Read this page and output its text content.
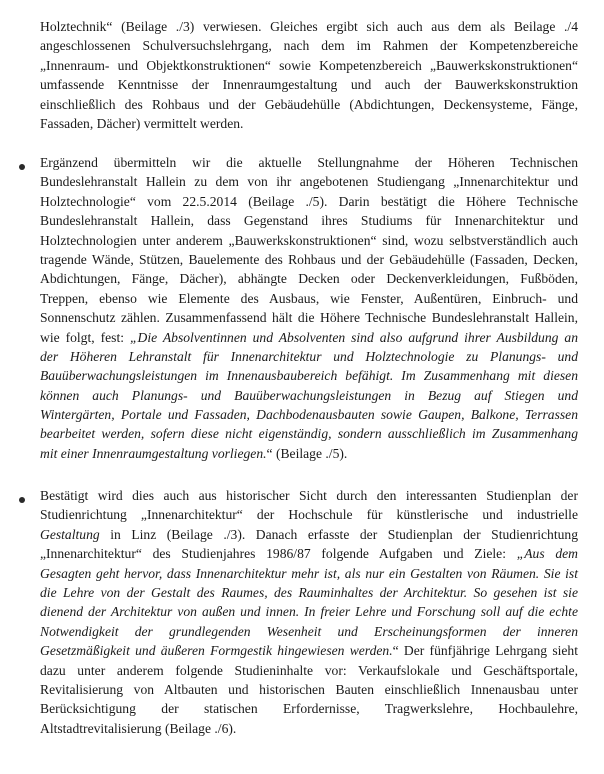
Holztechnik“ (Beilage ./3) verwiesen. Gleiches ergibt sich auch aus dem als Beilage ./4
angeschlossenen Schulversuchslehrgang, nach dem im Rahmen der Kompetenzbereiche
„Innenraum- und Objektkonstruktionen“ sowie Kompetenzbereich „Bauwerkskonstruktionen“
umfassende Kenntnisse der Innenraumgestaltung und auch der Bauwerkskonstruktion
einschließlich des Rohbaus und der Gebäudehülle (Abdichtungen, Deckensysteme, Fänge,
Fassaden, Dächer) vermittelt werden.
Ergänzend übermitteln wir die aktuelle Stellungnahme der Höheren Technischen
Bundeslehranstalt Hallein zu dem von ihr angebotenen Studiengang „Innenarchitektur und
Holztechnologie“ vom 22.5.2014 (Beilage ./5). Darin bestätigt die Höhere Technische
Bundeslehranstalt Hallein, dass Gegenstand ihres Studiums für Innenarchitektur und
Holztechnologien unter anderem „Bauwerkskonstruktionen“ sind, wozu selbstverständlich auch
tragende Wände, Stützen, Bauelemente des Rohbaus und der Gebäudehülle (Fassaden, Decken,
Abdichtungen, Fänge, Dächer), abhängte Decken oder Deckenverkleidungen, Fußböden,
Treppen, ebenso wie Elemente des Ausbaus, wie Fenster, Außentüren, Einbruch- und
Sonnenschutz zählen. Zusammenfassend hält die Höhere Technische Bundeslehranstalt Hallein,
wie folgt, fest: „Die Absolventinnen und Absolventen sind also aufgrund ihrer Ausbildung an
der Höheren Lehranstalt für Innenarchitektur und Holztechnologie zu Planungs- und
Bauüberwachungsleistungen im Innenausbaubereich befähigt. Im Zusammenhang mit diesen
können auch Planungs- und Bauüberwachungsleistungen in Bezug auf Stiegen und
Wintergärten, Portale und Fassaden, Dachbodenausbauten sowie Gaupen, Balkone, Terrassen
bearbeitet werden, sofern diese nicht eigenständig, sondern ausschließlich im Zusammenhang
mit einer Innenraumgestaltung vorliegen.“ (Beilage ./5).
Bestätigt wird dies auch aus historischer Sicht durch den interessanten Studienplan der
Studienrichtung „Innenarchitektur“ der Hochschule für künstlerische und industrielle
Gestaltung in Linz (Beilage ./3). Danach erfasste der Studienplan der Studienrichtung
„Innenarchitektur“ des Studienjahres 1986/87 folgende Aufgaben und Ziele: „Aus dem
Gesagten geht hervor, dass Innenarchitektur mehr ist, als nur ein Gestalten von Räumen. Sie ist
die Lehre von der Gestalt des Raumes, des Rauminhaltes der Architektur. So gesehen ist sie
dienend der Architektur von außen und innen. In freier Lehre und Forschung soll auf die echte
Notwendigkeit der grundlegenden Wesenheit und Erscheinungsformen der inneren
Gesetzmäßigkeit und äußeren Formgestik hingewiesen werden.“ Der fünfjährige Lehrgang sieht
dazu unter anderem folgende Studieninhalte vor: Verkaufslokale und Geschäftsportale,
Revitalisierung von Altbauten und historischen Bauten einschließlich Innenausbau unter
Berücksichtigung der statischen Erfordernisse, Tragwerkslehre, Hochbaulehre,
Altstadtrevitalisierung (Beilage ./6).
